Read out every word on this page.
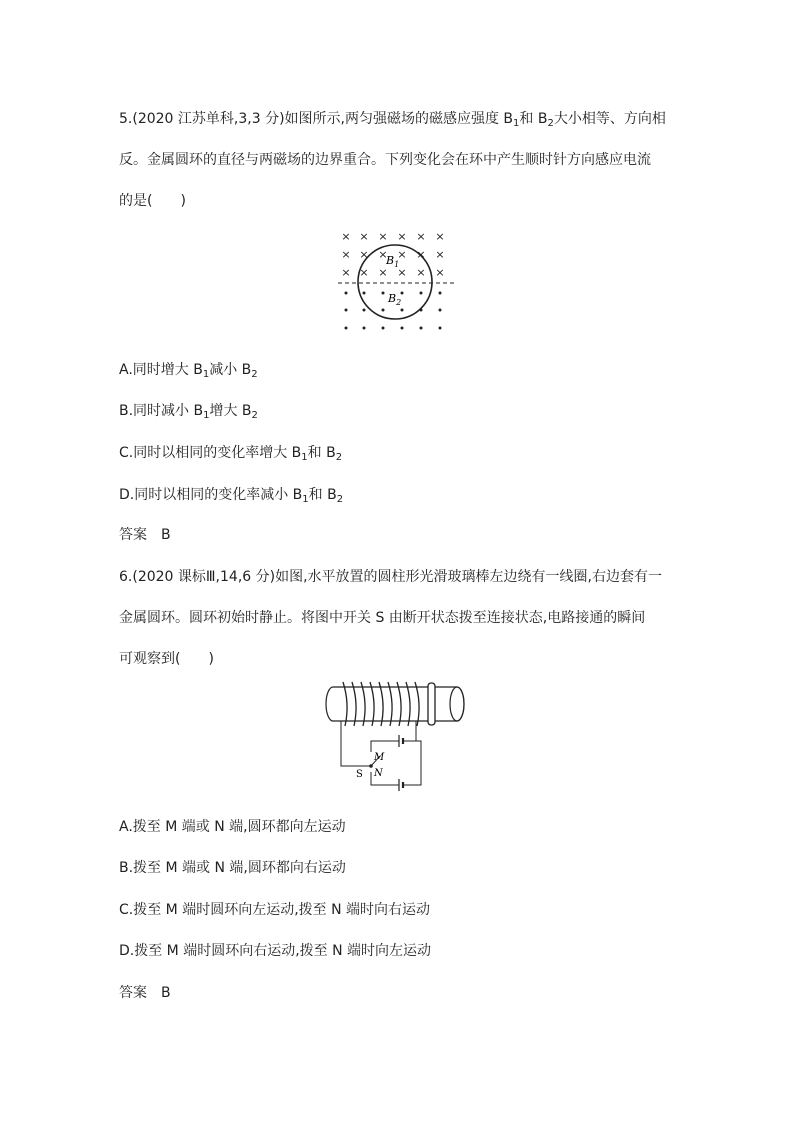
5.(2020 江苏单科,3,3 分)如图所示,两匀强磁场的磁感应强度 $B_1$和 $B_2$大小相等、方向相
反。金属圆环的直径与两磁场的边界重合。下列变化会在环中产生顺时针方向感应电流
的是(　　)
× × × × × ×
× × × × × ×
× × × × × ×
$B_1$
$B_2$
A.同时增大 $B_1$减小 $B_2$
B.同时减小 $B_1$增大 $B_2$
C.同时以相同的变化率增大 $B_1$和 $B_2$
D.同时以相同的变化率减小 $B_1$和 $B_2$
答案　B
6.(2020 课标Ⅲ,14,6 分)如图,水平放置的圆柱形光滑玻璃棒左边绕有一线圈,右边套有一
金属圆环。圆环初始时静止。将图中开关 S 由断开状态拨至连接状态,电路接通的瞬间
可观察到(　　)
M
N
S
A.拨至 M 端或 N 端,圆环都向左运动
B.拨至 M 端或 N 端,圆环都向右运动
C.拨至 M 端时圆环向左运动,拨至 N 端时向右运动
D.拨至 M 端时圆环向右运动,拨至 N 端时向左运动
答案　B
